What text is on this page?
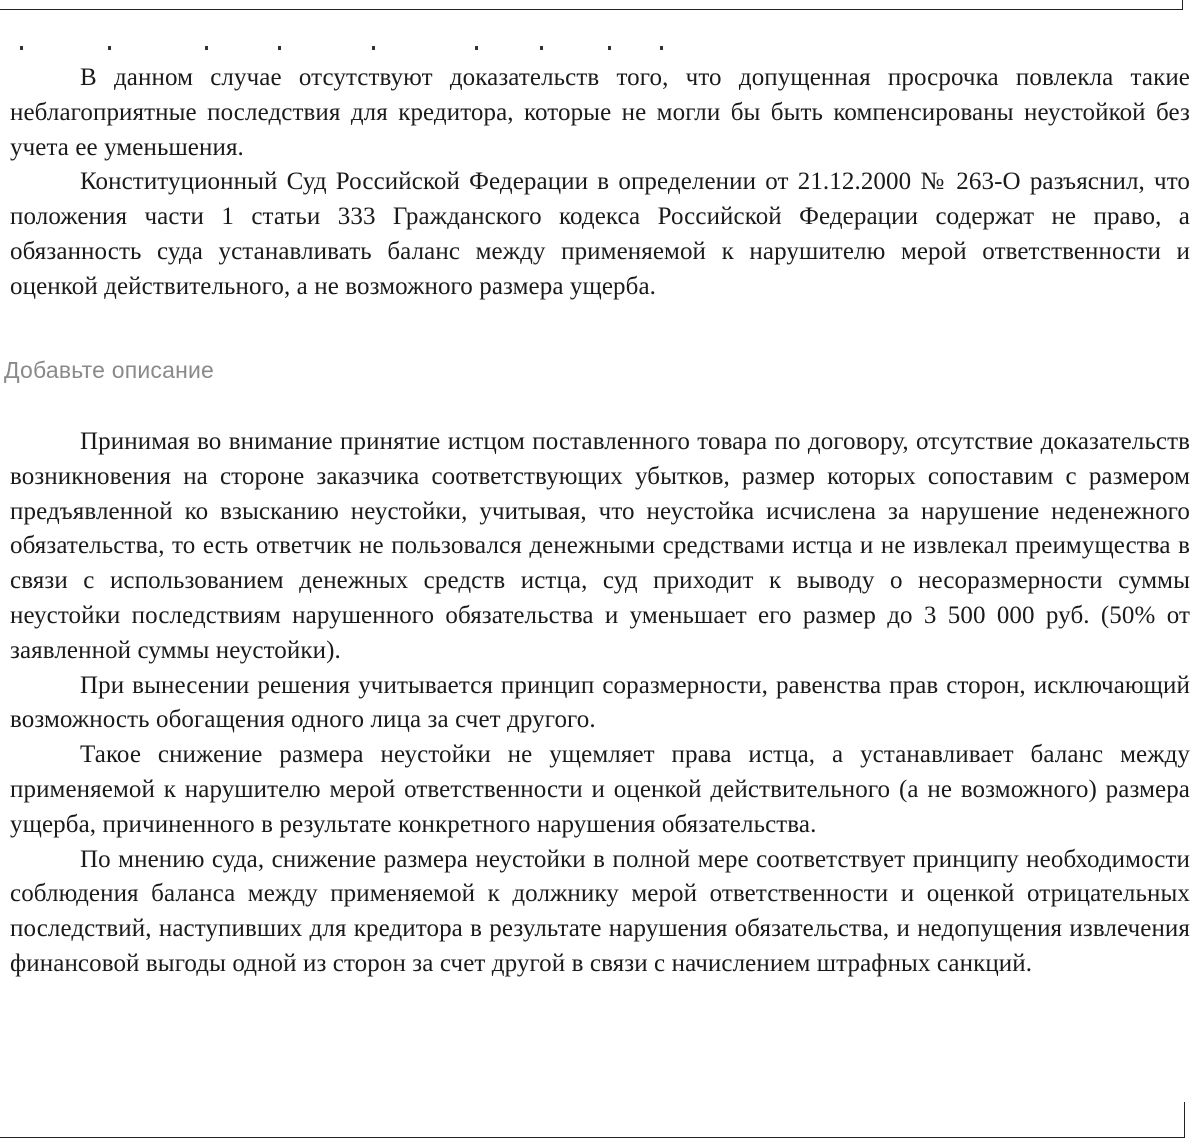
В данном случае отсутствуют доказательств того, что допущенная просрочка повлекла такие неблагоприятные последствия для кредитора, которые не могли бы быть компенсированы неустойкой без учета ее уменьшения.

Конституционный Суд Российской Федерации в определении от 21.12.2000 № 263-О разъяснил, что положения части 1 статьи 333 Гражданского кодекса Российской Федерации содержат не право, а обязанность суда устанавливать баланс между применяемой к нарушителю мерой ответственности и оценкой действительного, а не возможного размера ущерба.

Добавьте описание

Принимая во внимание принятие истцом поставленного товара по договору, отсутствие доказательств возникновения на стороне заказчика соответствующих убытков, размер которых сопоставим с размером предъявленной ко взысканию неустойки, учитывая, что неустойка исчислена за нарушение неденежного обязательства, то есть ответчик не пользовался денежными средствами истца и не извлекал преимущества в связи с использованием денежных средств истца, суд приходит к выводу о несоразмерности суммы неустойки последствиям нарушенного обязательства и уменьшает его размер до 3 500 000 руб. (50% от заявленной суммы неустойки).

При вынесении решения учитывается принцип соразмерности, равенства прав сторон, исключающий возможность обогащения одного лица за счет другого.

Такое снижение размера неустойки не ущемляет права истца, а устанавливает баланс между применяемой к нарушителю мерой ответственности и оценкой действительного (а не возможного) размера ущерба, причиненного в результате конкретного нарушения обязательства.

По мнению суда, снижение размера неустойки в полной мере соответствует принципу необходимости соблюдения баланса между применяемой к должнику мерой ответственности и оценкой отрицательных последствий, наступивших для кредитора в результате нарушения обязательства, и недопущения извлечения финансовой выгоды одной из сторон за счет другой в связи с начислением штрафных санкций.
